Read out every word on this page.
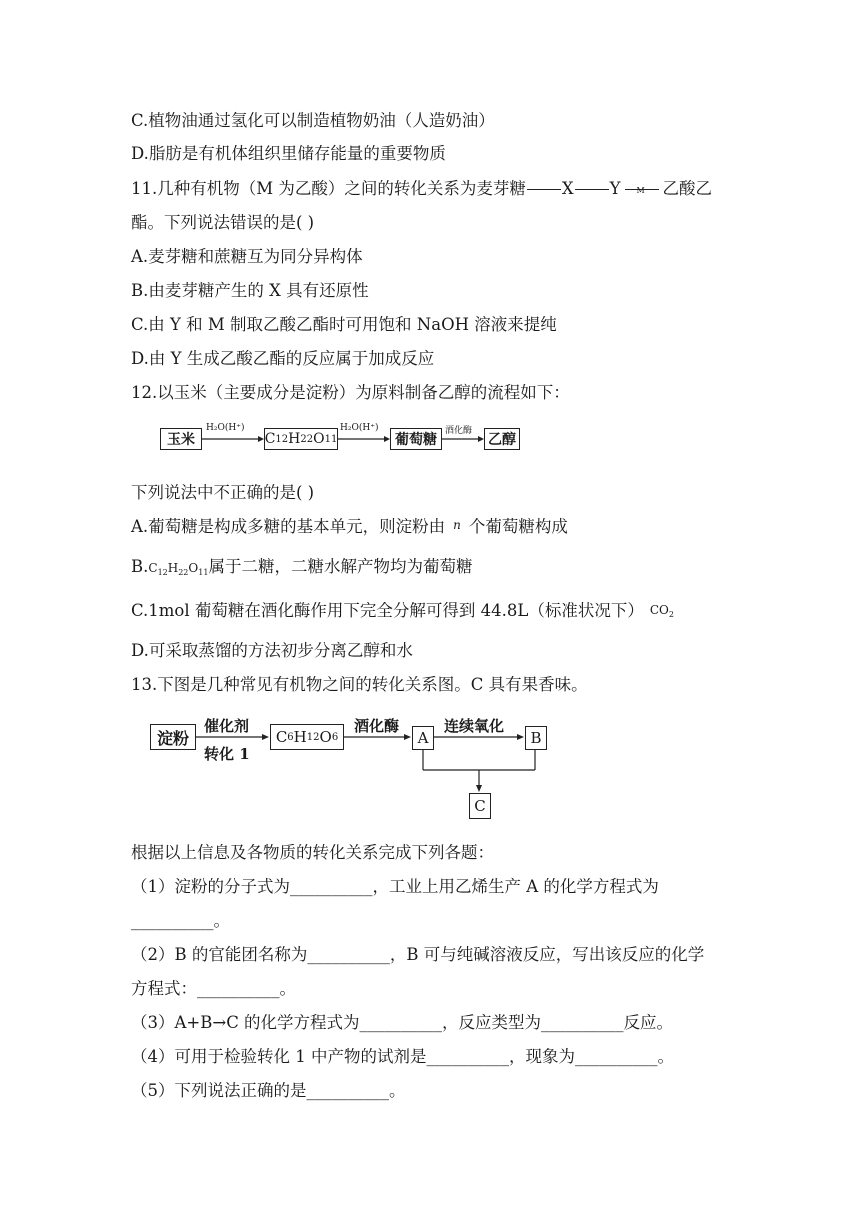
C.植物油通过氢化可以制造植物奶油（人造奶油）
D.脂肪是有机体组织里储存能量的重要物质
11.几种有机物（M 为乙酸）之间的转化关系为麦芽糖 X Y M 乙酸乙
酯。下列说法错误的是( )
A.麦芽糖和蔗糖互为同分异构体
B.由麦芽糖产生的 X 具有还原性
C.由 Y 和 M 制取乙酸乙酯时可用饱和 NaOH 溶液来提纯
D.由 Y 生成乙酸乙酯的反应属于加成反应
12.以玉米（主要成分是淀粉）为原料制备乙醇的流程如下：
玉米
H₂O(H⁺)
C 12 H 22 O 11
H₂O(H⁺)
葡萄糖
酒化酶
乙醇
下列说法中不正确的是( )
A.葡萄糖是构成多糖的基本单元，则淀粉由 n 个葡萄糖构成
$B.C_{12}H_{22}O_{11}$属于二糖，二糖水解产物均为葡萄糖
C.1mol 葡萄糖在酒化酶作用下完全分解可得到 44.8L（标准状况下） $CO_2$
D.可采取蒸馏的方法初步分离乙醇和水
13.下图是几种常见有机物之间的转化关系图。C 具有果香味。
淀粉
催化剂
转化 1
C 6 H 12 O 6
酒化酶
A
连续氧化
B
C
根据以上信息及各物质的转化关系完成下列各题：
（1）淀粉的分子式为__________，工业上用乙烯生产 A 的化学方程式为
__________。
（2）B 的官能团名称为__________，B 可与纯碱溶液反应，写出该反应的化学
方程式：__________。
（3）A+B→C 的化学方程式为__________，反应类型为__________反应。
（4）可用于检验转化 1 中产物的试剂是__________，现象为__________。
（5）下列说法正确的是__________。
